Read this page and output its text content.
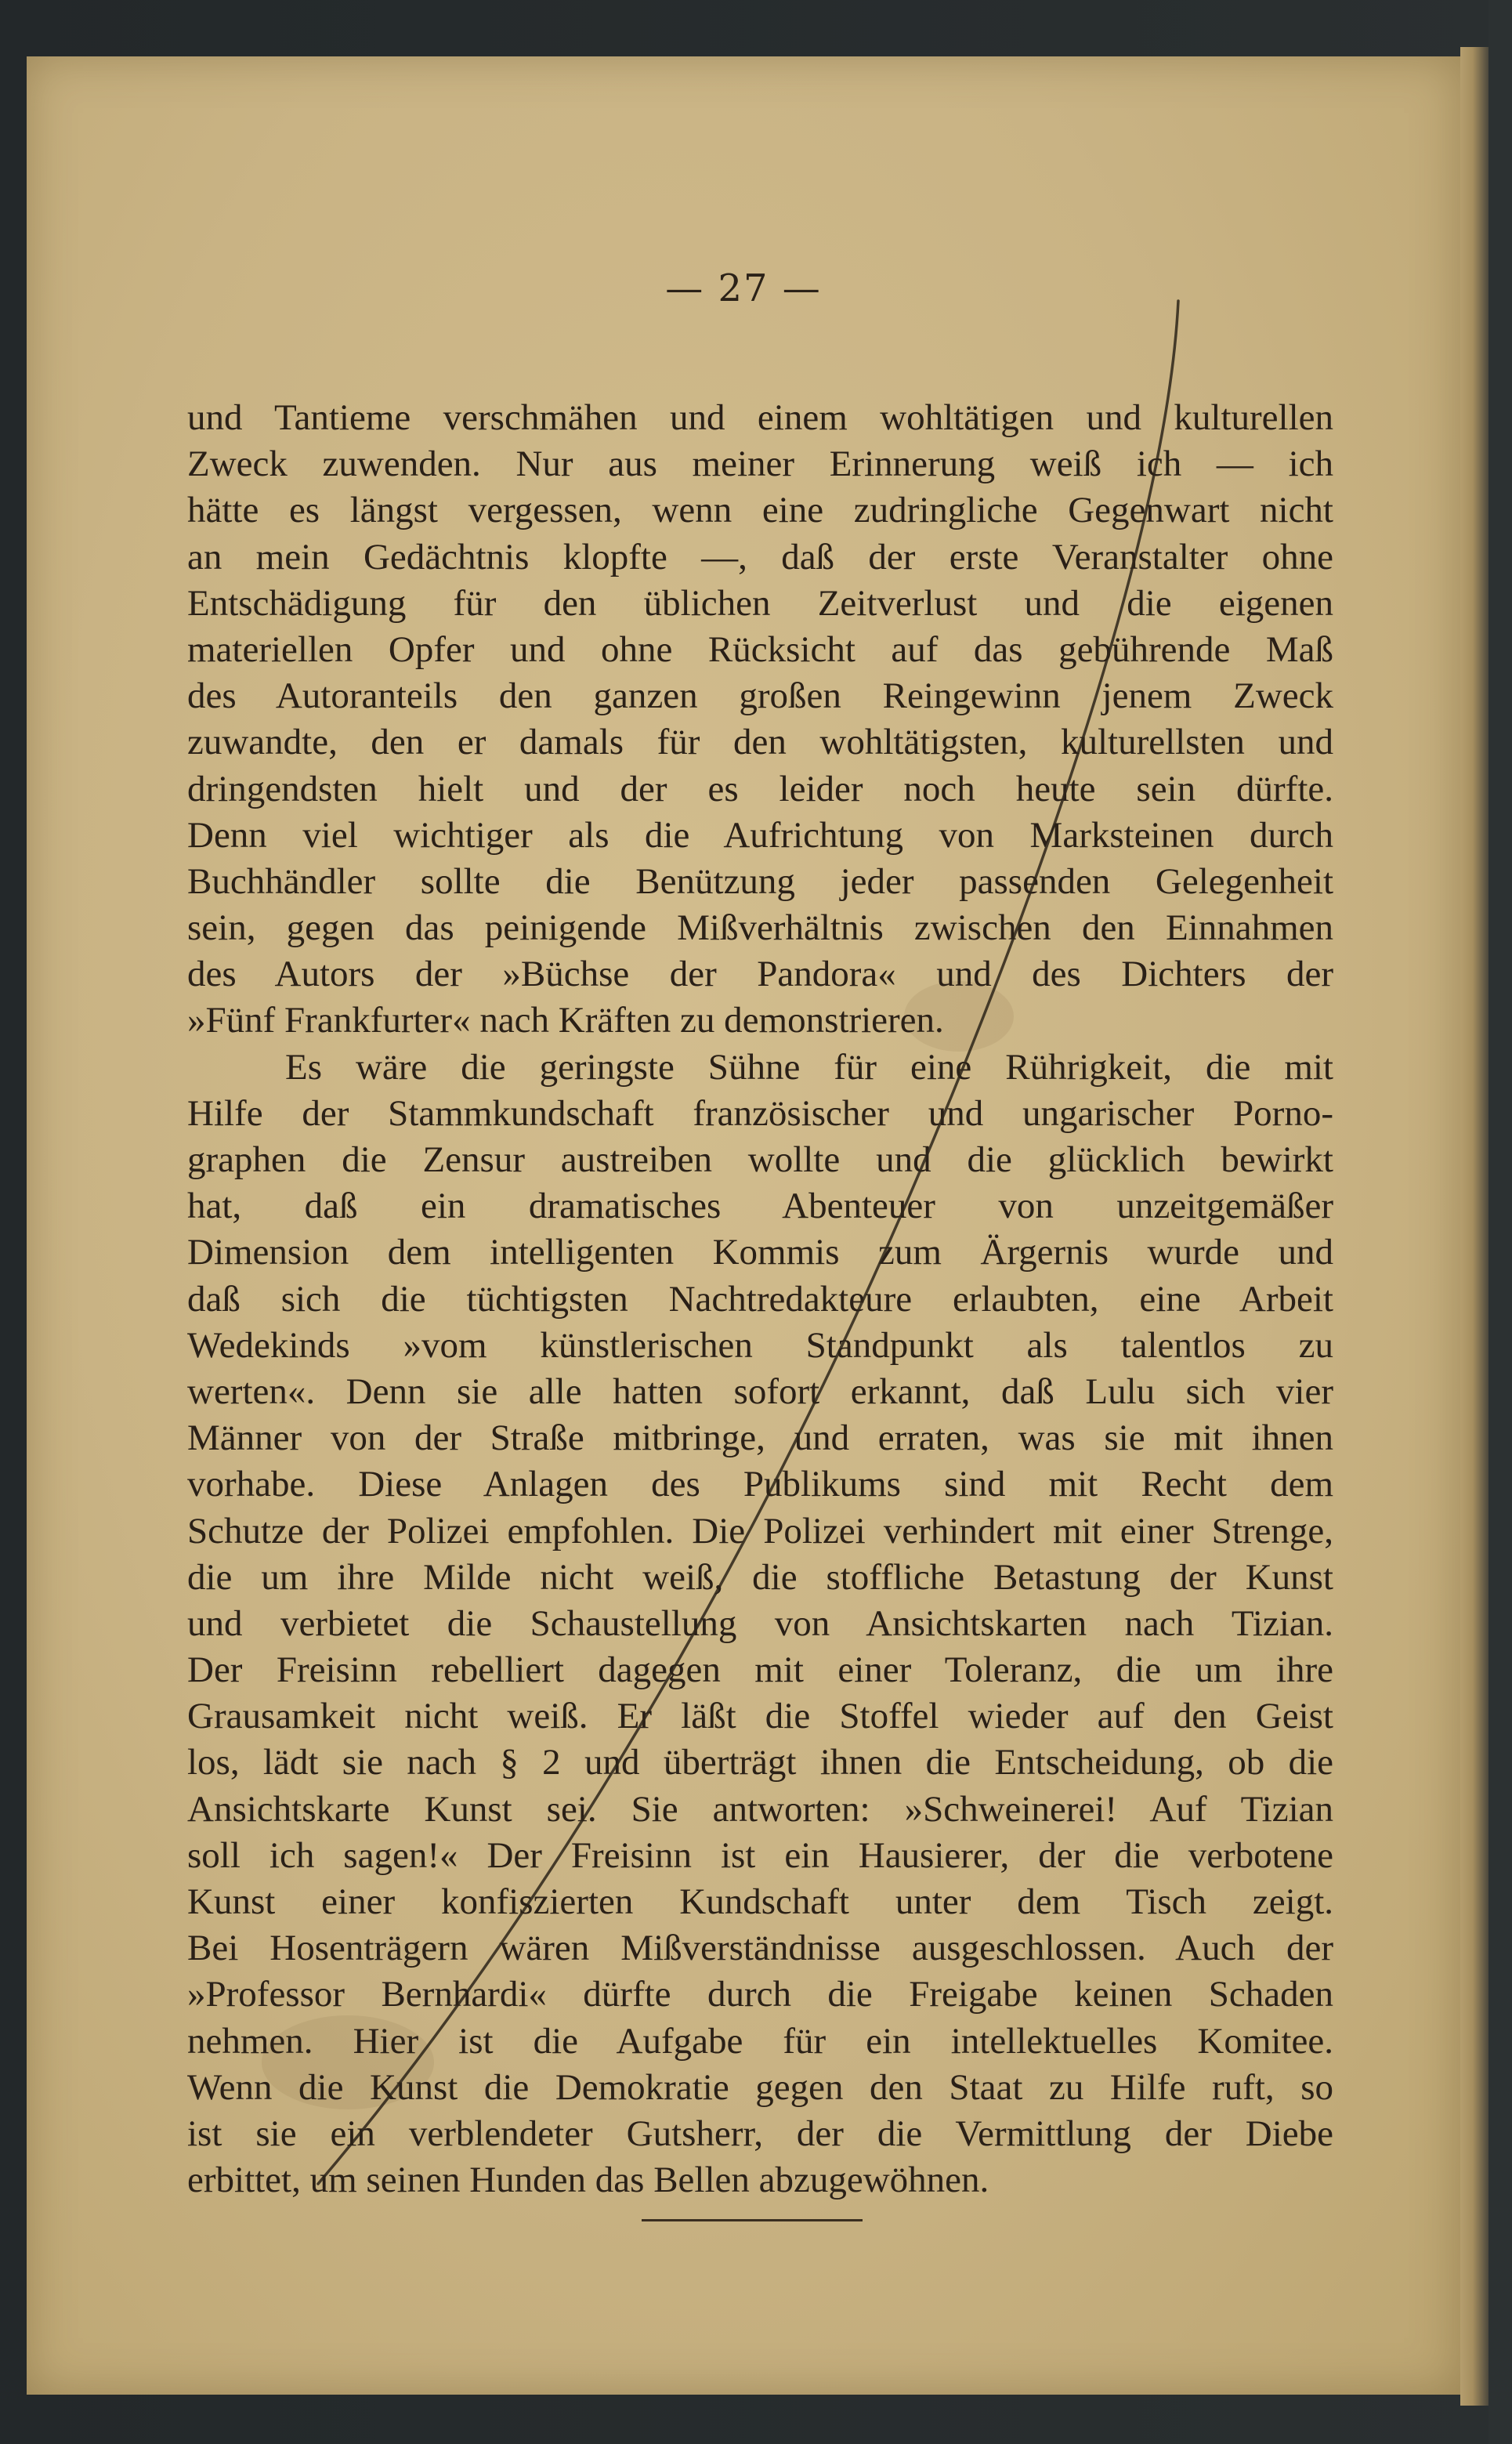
— 27 —
und Tantieme verschmähen und einem wohltätigen und kulturellen
Zweck zuwenden. Nur aus meiner Erinnerung weiß ich — ich
hätte es längst vergessen, wenn eine zudringliche Gegenwart nicht
an mein Gedächtnis klopfte —, daß der erste Veranstalter ohne
Entschädigung für den üblichen Zeitverlust und die eigenen
materiellen Opfer und ohne Rücksicht auf das gebührende Maß
des Autoranteils den ganzen großen Reingewinn jenem Zweck
zuwandte, den er damals für den wohltätigsten, kulturellsten und
dringendsten hielt und der es leider noch heute sein dürfte.
Denn viel wichtiger als die Aufrichtung von Marksteinen durch
Buchhändler sollte die Benützung jeder passenden Gelegenheit
sein, gegen das peinigende Mißverhältnis zwischen den Einnahmen
des Autors der »Büchse der Pandora« und des Dichters der
»Fünf Frankfurter« nach Kräften zu demonstrieren.
Es wäre die geringste Sühne für eine Rührigkeit, die mit
Hilfe der Stammkundschaft französischer und ungarischer Porno-
graphen die Zensur austreiben wollte und die glücklich bewirkt
hat, daß ein dramatisches Abenteuer von unzeitgemäßer
Dimension dem intelligenten Kommis zum Ärgernis wurde und
daß sich die tüchtigsten Nachtredakteure erlaubten, eine Arbeit
Wedekinds »vom künstlerischen Standpunkt als talentlos zu
werten«. Denn sie alle hatten sofort erkannt, daß Lulu sich vier
Männer von der Straße mitbringe, und erraten, was sie mit ihnen
vorhabe. Diese Anlagen des Publikums sind mit Recht dem
Schutze der Polizei empfohlen. Die Polizei verhindert mit einer Strenge,
die um ihre Milde nicht weiß, die stoffliche Betastung der Kunst
und verbietet die Schaustellung von Ansichtskarten nach Tizian.
Der Freisinn rebelliert dagegen mit einer Toleranz, die um ihre
Grausamkeit nicht weiß. Er läßt die Stoffel wieder auf den Geist
los, lädt sie nach § 2 und überträgt ihnen die Entscheidung, ob die
Ansichtskarte Kunst sei. Sie antworten: »Schweinerei! Auf Tizian
soll ich sagen!« Der Freisinn ist ein Hausierer, der die verbotene
Kunst einer konfiszierten Kundschaft unter dem Tisch zeigt.
Bei Hosenträgern wären Mißverständnisse ausgeschlossen. Auch der
»Professor Bernhardi« dürfte durch die Freigabe keinen Schaden
nehmen. Hier ist die Aufgabe für ein intellektuelles Komitee.
Wenn die Kunst die Demokratie gegen den Staat zu Hilfe ruft, so
ist sie ein verblendeter Gutsherr, der die Vermittlung der Diebe
erbittet, um seinen Hunden das Bellen abzugewöhnen.
